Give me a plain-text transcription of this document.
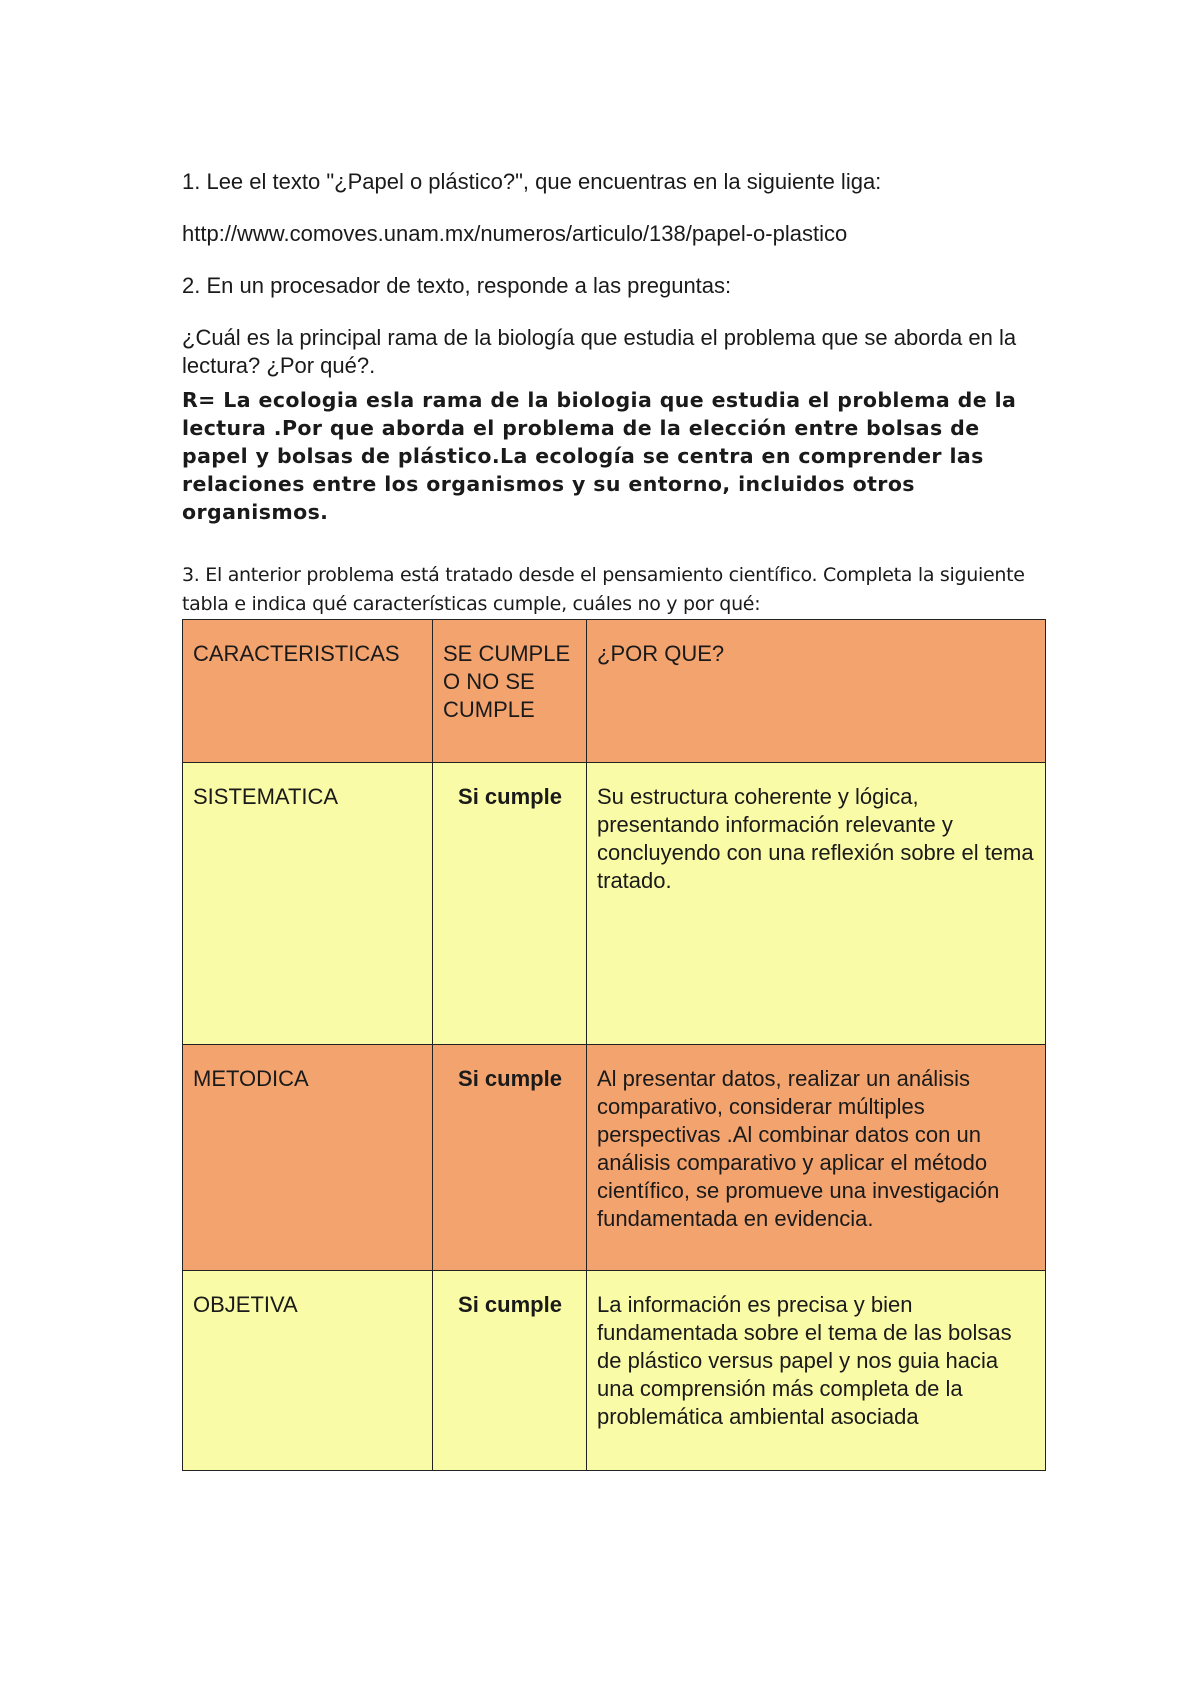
1. Lee el texto "¿Papel o plástico?", que encuentras en la siguiente liga:

http://www.comoves.unam.mx/numeros/articulo/138/papel-o-plastico

2. En un procesador de texto, responde a las preguntas:

¿Cuál es la principal rama de la biología que estudia el problema que se aborda en la lectura? ¿Por qué?.

R= La ecologia esla rama de la biologia que estudia el problema de la lectura .Por que aborda el problema de la elección entre bolsas de papel y bolsas de plástico.La ecología se centra en comprender las relaciones entre los organismos y su entorno, incluidos otros organismos.

3. El anterior problema está tratado desde el pensamiento científico. Completa la siguiente tabla e indica qué características cumple, cuáles no y por qué:

CARACTERISTICAS	SE CUMPLE O NO SE CUMPLE	¿POR QUE?
SISTEMATICA	Si cumple	Su estructura coherente y lógica, presentando información relevante y concluyendo con una reflexión sobre el tema tratado.
METODICA	Si cumple	Al presentar datos, realizar un análisis comparativo, considerar múltiples perspectivas .Al combinar datos con un análisis comparativo y aplicar el método científico, se promueve una investigación fundamentada en evidencia.
OBJETIVA	Si cumple	La información es precisa y bien fundamentada sobre el tema de las bolsas de plástico versus papel y nos guia hacia una comprensión más completa de la problemática ambiental asociada
